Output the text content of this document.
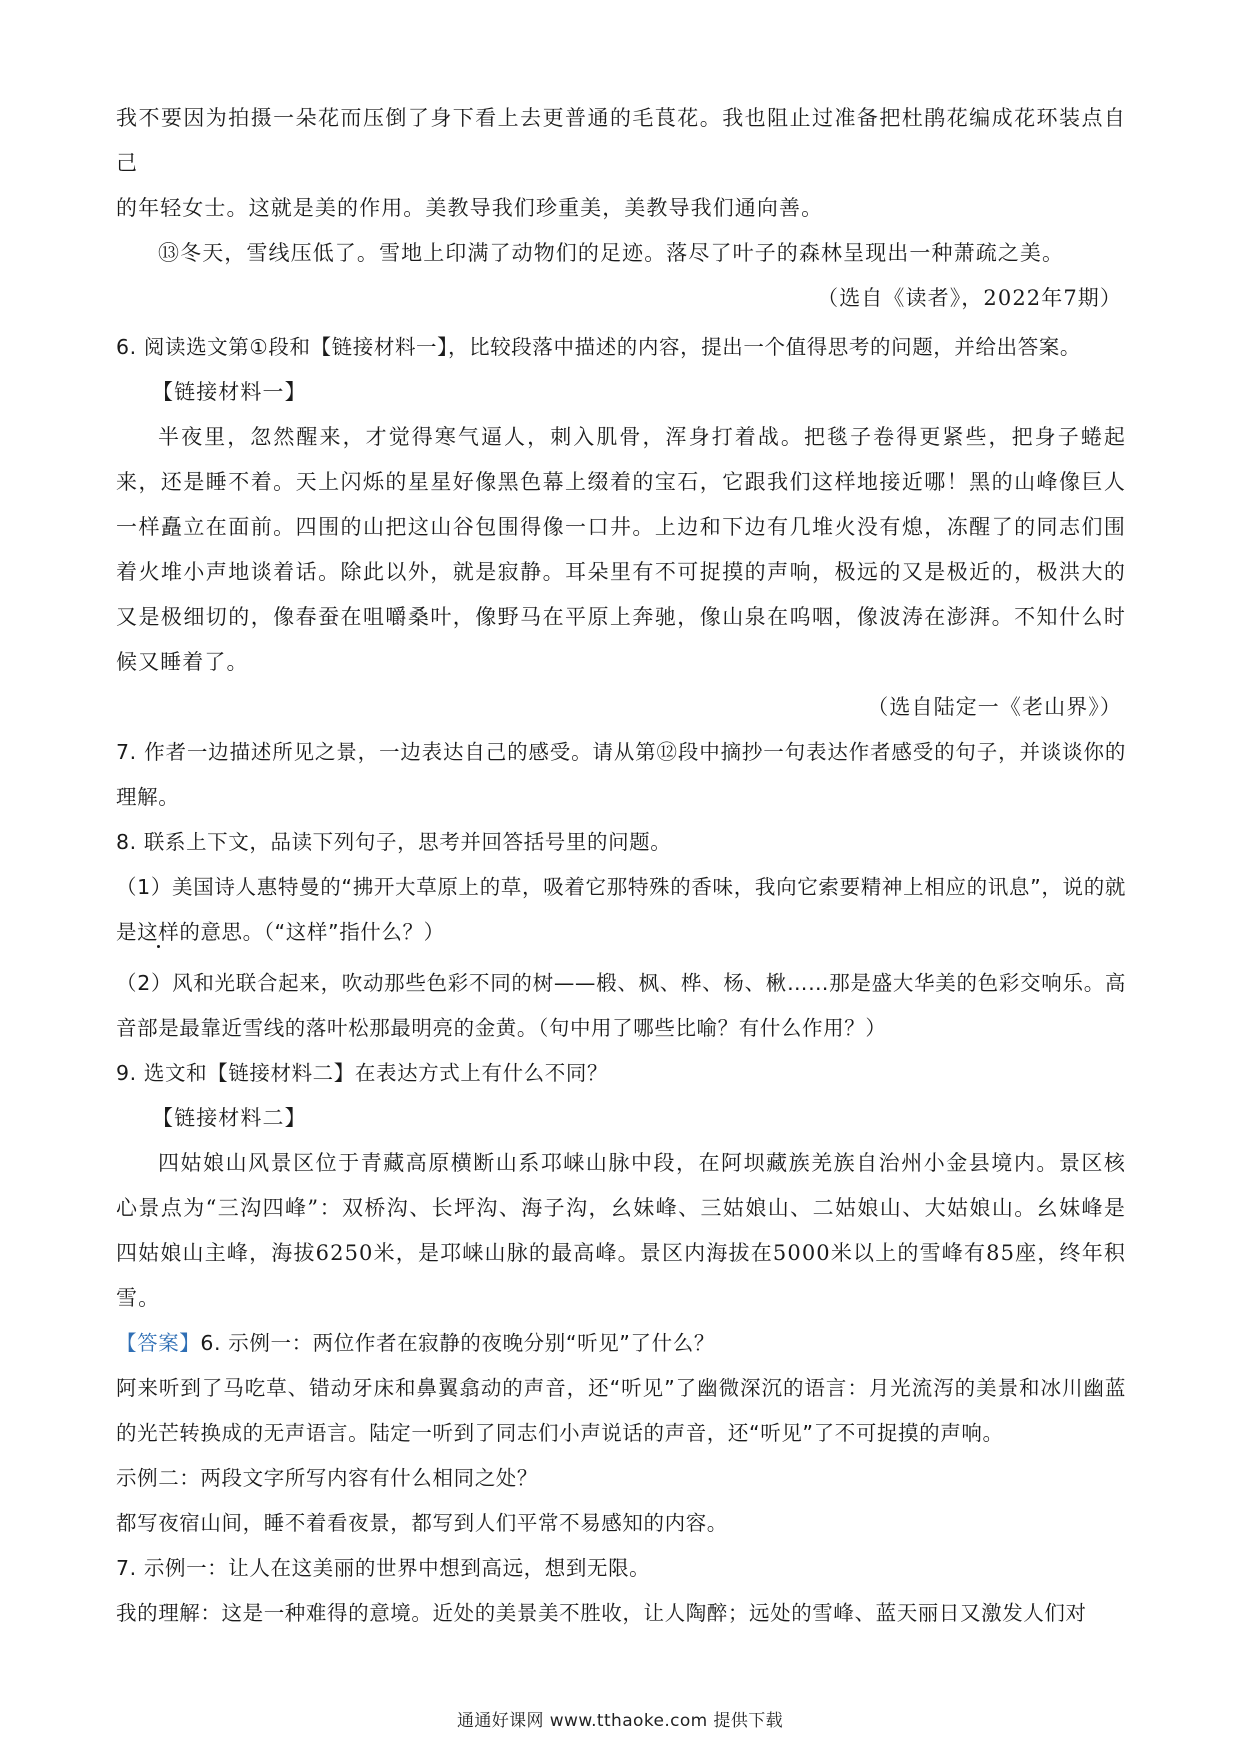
我不要因为拍摄一朵花而压倒了身下看上去更普通的毛茛花。我也阻止过准备把杜鹃花编成花环装点自己
的年轻女士。这就是美的作用。美教导我们珍重美，美教导我们通向善。
⑬冬天，雪线压低了。雪地上印满了动物们的足迹。落尽了叶子的森林呈现出一种萧疏之美。
（选自《读者》，2022年7期）
6. 阅读选文第①段和【链接材料一】，比较段落中描述的内容，提出一个值得思考的问题，并给出答案。
【链接材料一】
半夜里，忽然醒来，才觉得寒气逼人，刺入肌骨，浑身打着战。把毯子卷得更紧些，把身子蜷起来，还是睡不着。天上闪烁的星星好像黑色幕上缀着的宝石，它跟我们这样地接近哪！黑的山峰像巨人一样矗立在面前。四围的山把这山谷包围得像一口井。上边和下边有几堆火没有熄，冻醒了的同志们围着火堆小声地谈着话。除此以外，就是寂静。耳朵里有不可捉摸的声响，极远的又是极近的，极洪大的又是极细切的，像春蚕在咀嚼桑叶，像野马在平原上奔驰，像山泉在呜咽，像波涛在澎湃。不知什么时候又睡着了。
（选自陆定一《老山界》）
7. 作者一边描述所见之景，一边表达自己的感受。请从第⑫段中摘抄一句表达作者感受的句子，并谈谈你的理解。
8. 联系上下文，品读下列句子，思考并回答括号里的问题。
（1）美国诗人惠特曼的“拂开大草原上的草，吸着它那特殊的香味，我向它索要精神上相应的讯息”，说的就是这样的意思。（“这样”指什么？）
（2）风和光联合起来，吹动那些色彩不同的树——椴、枫、桦、杨、楸……那是盛大华美的色彩交响乐。高音部是最靠近雪线的落叶松那最明亮的金黄。（句中用了哪些比喻？有什么作用？）
9. 选文和【链接材料二】在表达方式上有什么不同？
【链接材料二】
四姑娘山风景区位于青藏高原横断山系邛崃山脉中段，在阿坝藏族羌族自治州小金县境内。景区核心景点为“三沟四峰”：双桥沟、长坪沟、海子沟，幺妹峰、三姑娘山、二姑娘山、大姑娘山。幺妹峰是四姑娘山主峰，海拔6250米，是邛崃山脉的最高峰。景区内海拔在5000米以上的雪峰有85座，终年积雪。
【答案】6. 示例一：两位作者在寂静的夜晚分别“听见”了什么？
阿来听到了马吃草、错动牙床和鼻翼翕动的声音，还“听见”了幽微深沉的语言：月光流泻的美景和冰川幽蓝的光芒转换成的无声语言。陆定一听到了同志们小声说话的声音，还“听见”了不可捉摸的声响。
示例二：两段文字所写内容有什么相同之处？
都写夜宿山间，睡不着看夜景，都写到人们平常不易感知的内容。
7. 示例一：让人在这美丽的世界中想到高远，想到无限。
我的理解：这是一种难得的意境。近处的美景美不胜收，让人陶醉；远处的雪峰、蓝天丽日又激发人们对
通通好课网 www.tthaoke.com 提供下载
